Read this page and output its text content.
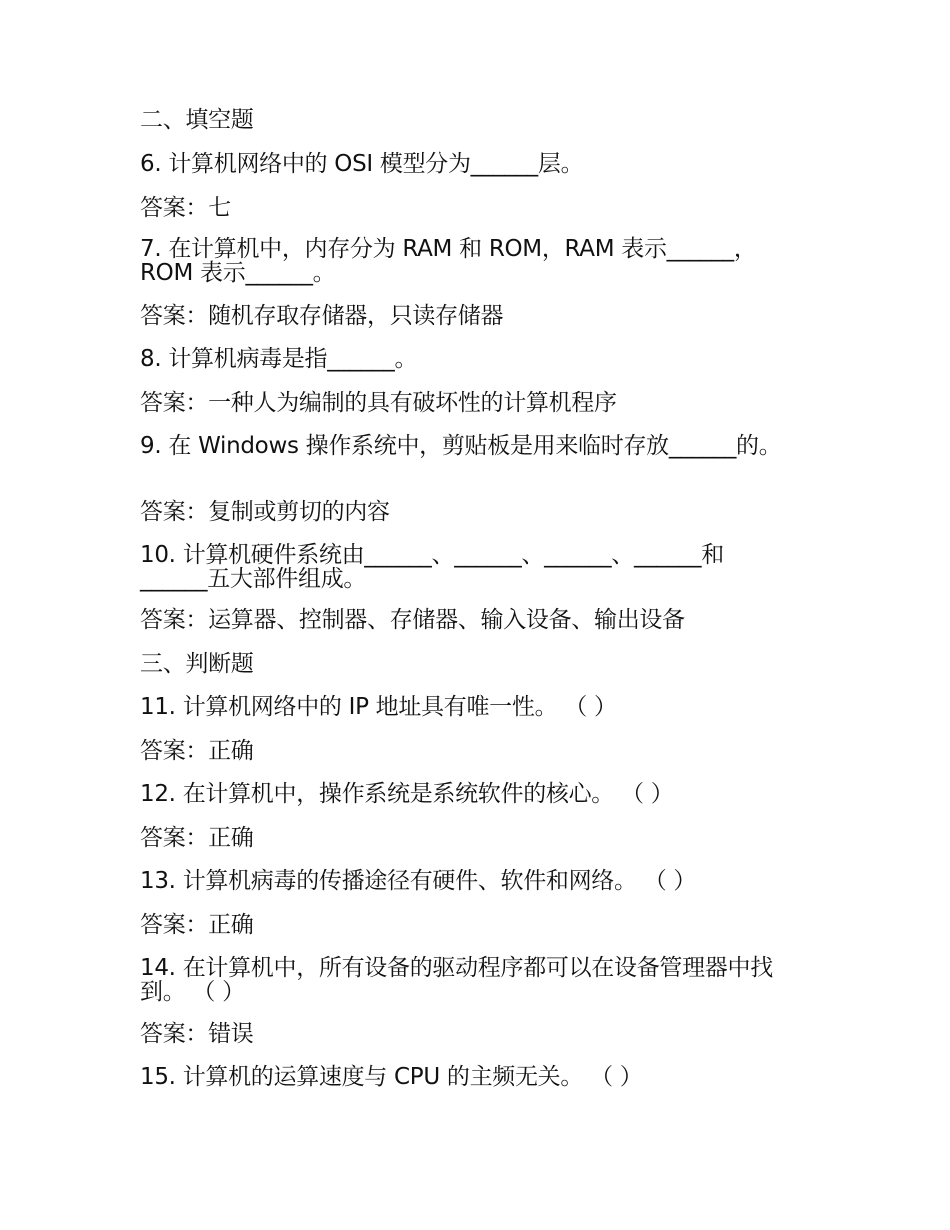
二、填空题
6. 计算机网络中的 OSI 模型分为______层。
答案：七
7. 在计算机中，内存分为 RAM 和 ROM，RAM 表示______，ROM 表示______。
答案：随机存取存储器，只读存储器
8. 计算机病毒是指______。
答案：一种人为编制的具有破坏性的计算机程序
9. 在 Windows 操作系统中，剪贴板是用来临时存放______的。
答案：复制或剪切的内容
10. 计算机硬件系统由______、______、______、______和______五大部件组成。
答案：运算器、控制器、存储器、输入设备、输出设备
三、判断题
11. 计算机网络中的 IP 地址具有唯一性。 （ ）
答案：正确
12. 在计算机中，操作系统是系统软件的核心。 （ ）
答案：正确
13. 计算机病毒的传播途径有硬件、软件和网络。 （ ）
答案：正确
14. 在计算机中，所有设备的驱动程序都可以在设备管理器中找到。 （ ）
答案：错误
15. 计算机的运算速度与 CPU 的主频无关。 （ ）
